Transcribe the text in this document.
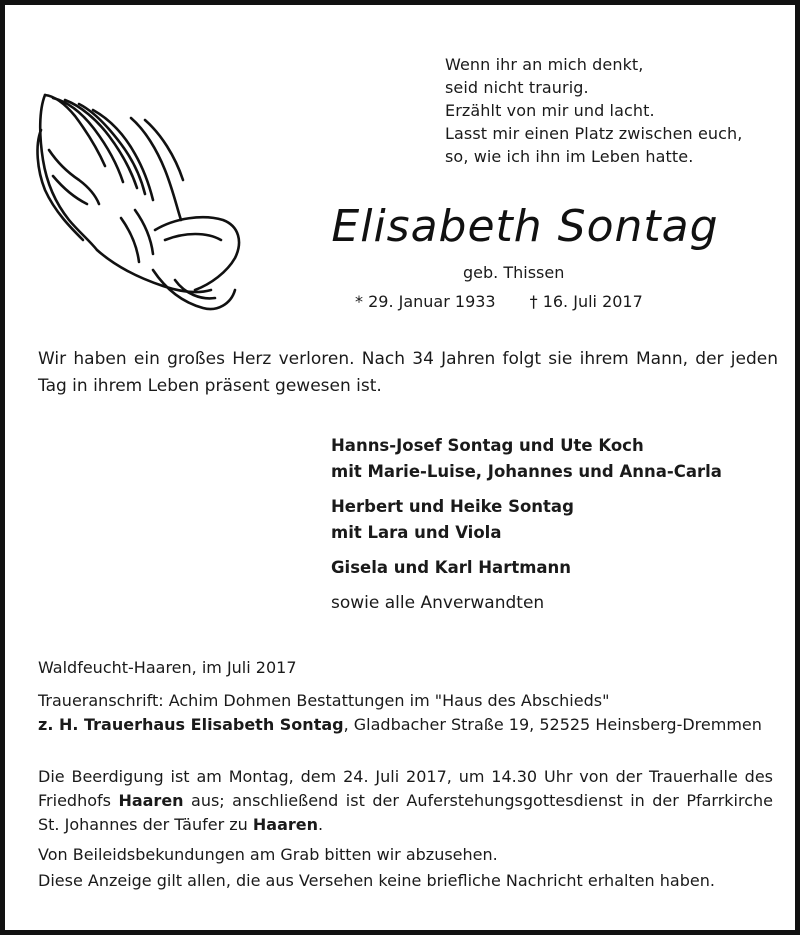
Wenn ihr an mich denkt,
seid nicht traurig.
Erzählt von mir und lacht.
Lasst mir einen Platz zwischen euch,
so, wie ich ihn im Leben hatte.
Elisabeth Sontag
geb. Thissen
* 29. Januar 1933 † 16. Juli 2017
Wir haben ein großes Herz verloren. Nach 34 Jahren folgt sie ihrem Mann, der jeden Tag in ihrem Leben präsent gewesen ist.
Hanns-Josef Sontag und Ute Koch
mit Marie-Luise, Johannes und Anna-Carla
Herbert und Heike Sontag
mit Lara und Viola
Gisela und Karl Hartmann
sowie alle Anverwandten
Waldfeucht-Haaren, im Juli 2017
Traueranschrift: Achim Dohmen Bestattungen im "Haus des Abschieds"
z. H. Trauerhaus Elisabeth Sontag, Gladbacher Straße 19, 52525 Heinsberg-Dremmen
Die Beerdigung ist am Montag, dem 24. Juli 2017, um 14.30 Uhr von der Trauerhalle des Friedhofs Haaren aus; anschließend ist der Auferstehungsgottesdienst in der Pfarrkirche St. Johannes der Täufer zu Haaren.
Von Beileidsbekundungen am Grab bitten wir abzusehen.
Diese Anzeige gilt allen, die aus Versehen keine briefliche Nachricht erhalten haben.
